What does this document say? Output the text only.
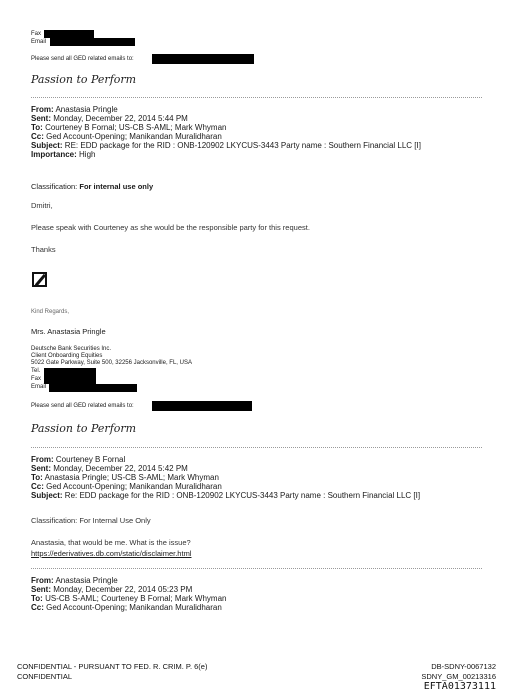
Fax
Email
Please send all GED related emails to:
Passion to Perform
From: Anastasia Pringle
Sent: Monday, December 22, 2014 5:44 PM
To: Courteney B Fornal; US-CB S-AML; Mark Whyman
Cc: Ged Account-Opening; Manikandan Muralidharan
Subject: RE: EDD package for the RID : ONB-120902 LKYCUS-3443 Party name : Southern Financial LLC [I]
Importance: High
Classification: For internal use only
Dmitri,
Please speak with Courteney as she would be the responsible party for this request.
Thanks
Kind Regards,
Mrs. Anastasia Pringle
Deutsche Bank Securities Inc.
Client Onboarding Equities
5022 Gate Parkway, Suite 500, 32256 Jacksonville, FL, USA
Tel.
Fax
Email
Please send all GED related emails to:
Passion to Perform
From: Courteney B Fornal
Sent: Monday, December 22, 2014 5:42 PM
To: Anastasia Pringle; US-CB S-AML; Mark Whyman
Cc: Ged Account-Opening; Manikandan Muralidharan
Subject: Re: EDD package for the RID : ONB-120902 LKYCUS-3443 Party name : Southern Financial LLC [I]
Classification: For Internal Use Only
Anastasia, that would be me. What is the issue?
https://ederivatives.db.com/static/disclaimer.html
From: Anastasia Pringle
Sent: Monday, December 22, 2014 05:23 PM
To: US-CB S-AML; Courteney B Fornal; Mark Whyman
Cc: Ged Account-Opening; Manikandan Muralidharan
CONFIDENTIAL - PURSUANT TO FED. R. CRIM. P. 6(e)
CONFIDENTIAL
DB-SDNY-0067132
SDNY_GM_00213316
EFTA01373111
